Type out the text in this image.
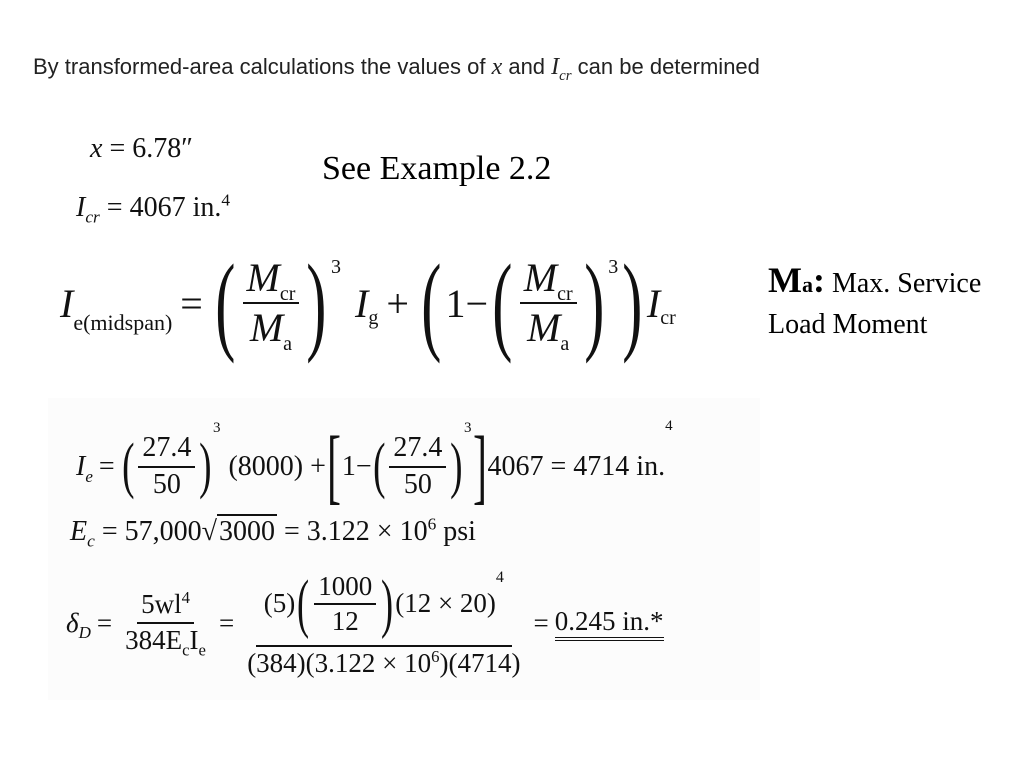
By transformed-area calculations the values of x and $I_{cr}$ can be determined
x = 6.78″
$I_{cr} = 4067$ in.$^4$
See Example 2.2
$I_{e(midspan)}$ = ( $\frac{M_{cr}}{M_a}$ ) 3
$I_g$ + ( 1− ( $\frac{M_{cr}}{M_a}$ ) 3 ) $I_{cr}$
Ma: Max. Service Load Moment
I $_e$ = ( $\frac{27.4}{50}$ )
3
(8000) + [ 1− ( $\frac{27.4}{50}$ )
3 ] 4067 = 4714 in.
4
$E_c = 57,000√3000 = 3.122 \times 10^6$ psi
δ $_D = \frac{5wl^4}{384E_cI_e}$ =
(5) ( $\frac{1000}{12}$ ) (12 × 20)
4
$(384)(3.122 \times 10^6)(4714)$
= 0.245 in.*
